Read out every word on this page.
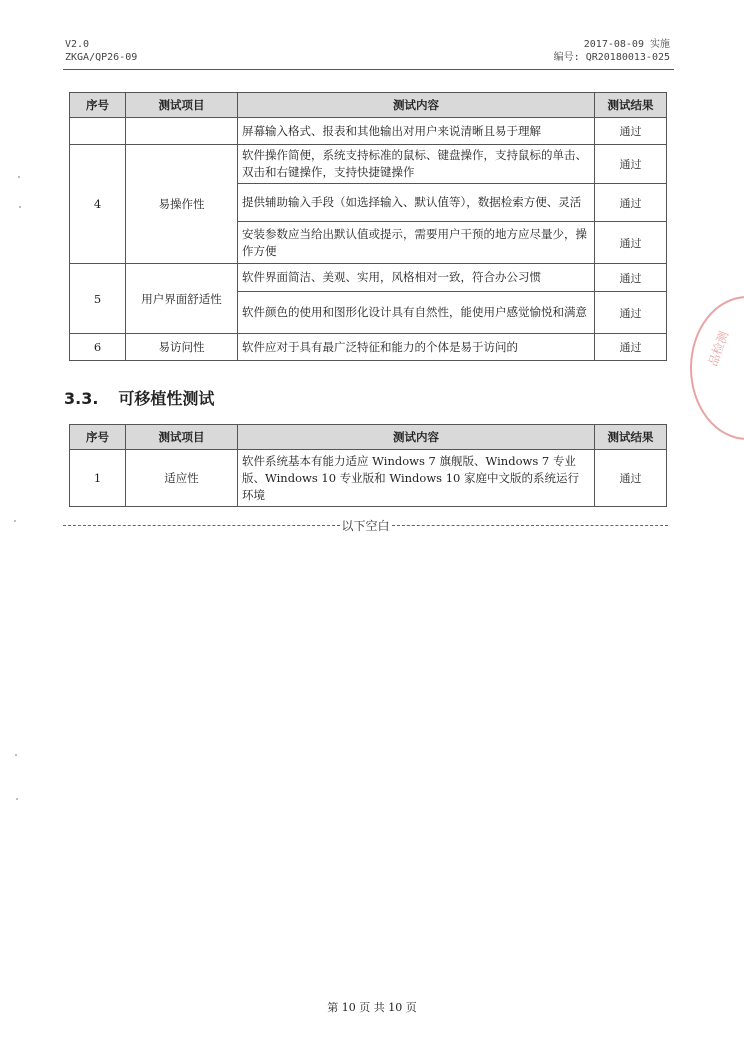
V2.0
ZKGA/QP26-09
2017-08-09 实施
编号: QR20180013-025
序号	测试项目	测试内容	测试结果
		屏幕输入格式、报表和其他输出对用户来说清晰且易于理解	通过
4	易操作性	软件操作简便，系统支持标准的鼠标、键盘操作，支持鼠标的单击、双击和右键操作，支持快捷键操作	通过
		提供辅助输入手段（如选择输入、默认值等），数据检索方便、灵活	通过
		安装参数应当给出默认值或提示，需要用户干预的地方应尽量少，操作方便	通过
5	用户界面舒适性	软件界面简洁、美观、实用，风格相对一致，符合办公习惯	通过
		软件颜色的使用和图形化设计具有自然性，能使用户感觉愉悦和满意	通过
6	易访问性	软件应对于具有最广泛特征和能力的个体是易于访问的	通过
3.3. 可移植性测试
序号	测试项目	测试内容	测试结果
1	适应性	软件系统基本有能力适应 Windows 7 旗舰版、Windows 7 专业版、Windows 10 专业版和 Windows 10 家庭中文版的系统运行环境	通过
以下空白
第 10 页 共 10 页
品检测
